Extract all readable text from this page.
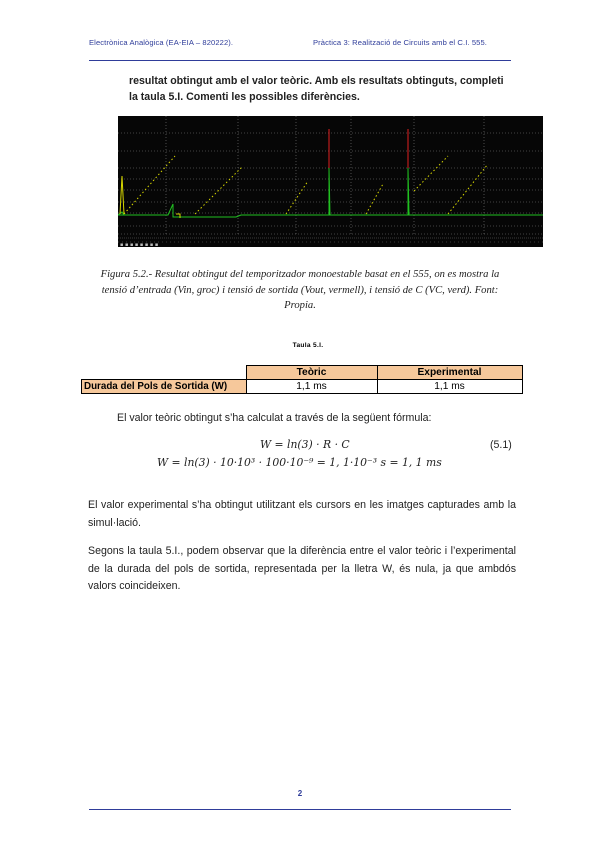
Electrònica Analògica (EA-EIA – 820222).	Pràctica 3: Realització de Circuits amb el C.I. 555.
resultat obtingut amb el valor teòric. Amb els resultats obtinguts, completi la taula 5.I. Comenti les possibles diferències.
▪ ▪ ▪ ▪ ▪ ▪ ▪ ▪
Figura 5.2.- Resultat obtingut del temporitzador monoestable basat en el 555, on es mostra la tensió d’entrada (Vin, groc) i tensió de sortida (Vout, vermell), i tensió de C (VC, verd). Font: Propia.
Taula 5.I.
	Teòric	Experimental
Durada del Pols de Sortida (W)	1,1 ms	1,1 ms
El valor teòric obtingut s’ha calculat a través de la següent fórmula:
W = ln(3) · R · C
W = ln(3) · 10·10³ · 100·10⁻⁹ = 1, 1·10⁻³ s = 1, 1 ms
(5.1)
El valor experimental s’ha obtingut utilitzant els cursors en les imatges capturades amb la simul·lació.
Segons la taula 5.I., podem observar que la diferència entre el valor teòric i l’experimental de la durada del pols de sortida, representada per la lletra W, és nula, ja que ambdós valors coincideixen.
2
